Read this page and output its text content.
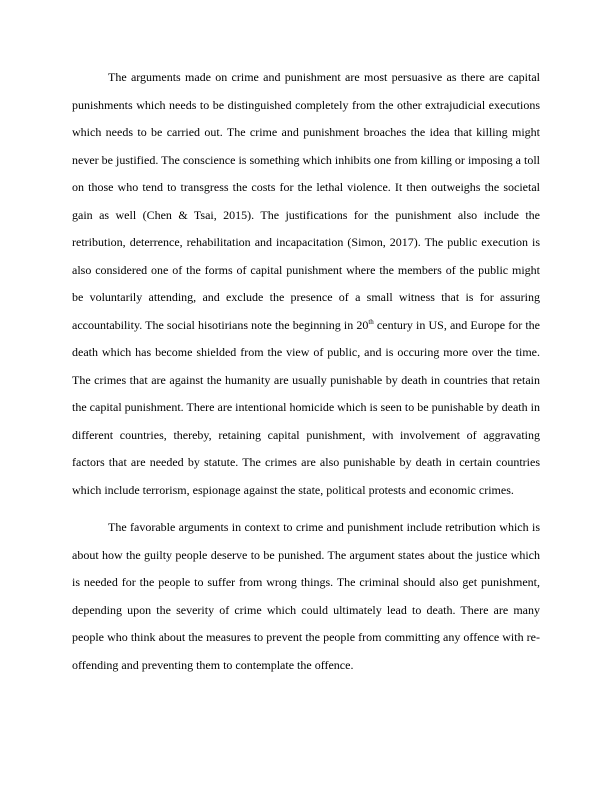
The arguments made on crime and punishment are most persuasive as there are capital punishments which needs to be distinguished completely from the other extrajudicial executions which needs to be carried out. The crime and punishment broaches the idea that killing might never be justified. The conscience is something which inhibits one from killing or imposing a toll on those who tend to transgress the costs for the lethal violence. It then outweighs the societal gain as well (Chen & Tsai, 2015). The justifications for the punishment also include the retribution, deterrence, rehabilitation and incapacitation (Simon, 2017). The public execution is also considered one of the forms of capital punishment where the members of the public might be voluntarily attending, and exclude the presence of a small witness that is for assuring accountability. The social hisotirians note the beginning in 20th century in US, and Europe for the death which has become shielded from the view of public, and is occuring more over the time. The crimes that are against the humanity are usually punishable by death in countries that retain the capital punishment. There are intentional homicide which is seen to be punishable by death in different countries, thereby, retaining capital punishment, with involvement of aggravating factors that are needed by statute. The crimes are also punishable by death in certain countries which include terrorism, espionage against the state, political protests and economic crimes.

The favorable arguments in context to crime and punishment include retribution which is about how the guilty people deserve to be punished. The argument states about the justice which is needed for the people to suffer from wrong things. The criminal should also get punishment, depending upon the severity of crime which could ultimately lead to death. There are many people who think about the measures to prevent the people from committing any offence with re-offending and preventing them to contemplate the offence.
